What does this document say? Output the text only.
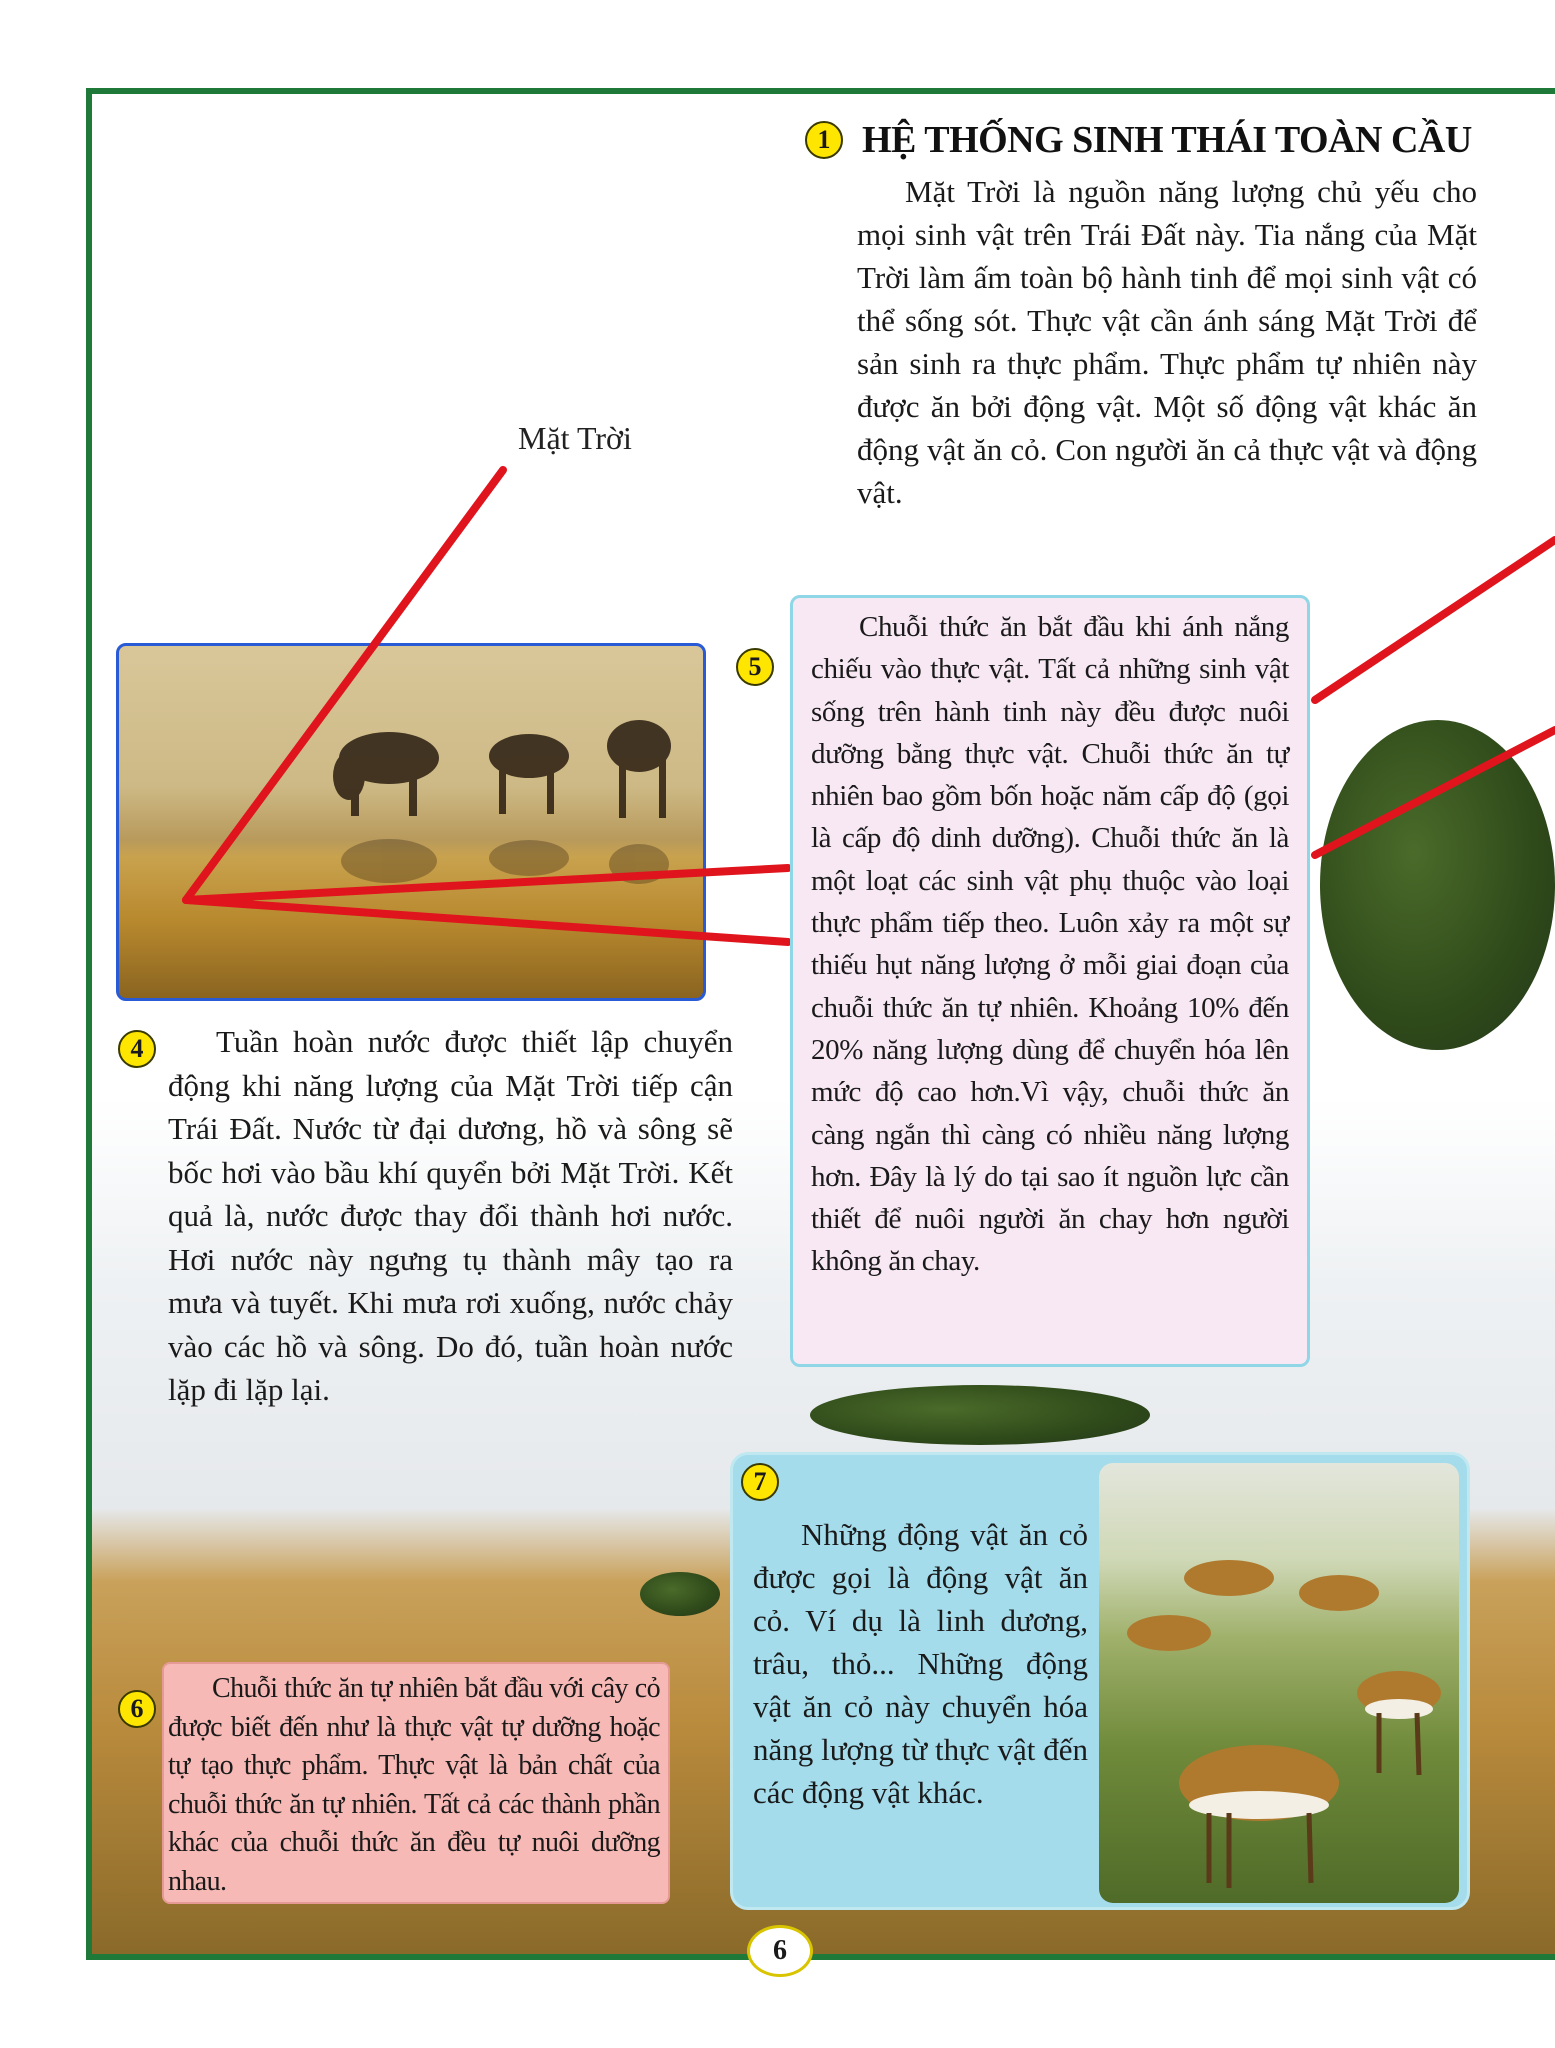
1 HỆ THỐNG SINH THÁI TOÀN CẦU

Mặt Trời là nguồn năng lượng chủ yếu cho mọi sinh vật trên Trái Đất này. Tia nắng của Mặt Trời làm ấm toàn bộ hành tinh để mọi sinh vật có thể sống sót. Thực vật cần ánh sáng Mặt Trời để sản sinh ra thực phẩm. Thực phẩm tự nhiên này được ăn bởi động vật. Một số động vật khác ăn động vật ăn cỏ. Con người ăn cả thực vật và động vật.

Mặt Trời
4	Tuần hoàn nước được thiết lập chuyển động khi năng lượng của Mặt Trời tiếp cận Trái Đất. Nước từ đại dương, hồ và sông sẽ bốc hơi vào bầu khí quyển bởi Mặt Trời. Kết quả là, nước được thay đổi thành hơi nước. Hơi nước này ngưng tụ thành mây tạo ra mưa và tuyết. Khi mưa rơi xuống, nước chảy vào các hồ và sông. Do đó, tuần hoàn nước lặp đi lặp lại.

5

Chuỗi thức ăn bắt đầu khi ánh nắng chiếu vào thực vật. Tất cả những sinh vật sống trên hành tinh này đều được nuôi dưỡng bằng thực vật. Chuỗi thức ăn tự nhiên bao gồm bốn hoặc năm cấp độ (gọi là cấp độ dinh dưỡng). Chuỗi thức ăn là một loạt các sinh vật phụ thuộc vào loại thực phẩm tiếp theo. Luôn xảy ra một sự thiếu hụt năng lượng ở mỗi giai đoạn của chuỗi thức ăn tự nhiên. Khoảng 10% đến 20% năng lượng dùng để chuyển hóa lên mức độ cao hơn.Vì vậy, chuỗi thức ăn càng ngắn thì càng có nhiều năng lượng hơn. Đây là lý do tại sao ít nguồn lực cần thiết để nuôi người ăn chay hơn người không ăn chay.

6

Chuỗi thức ăn tự nhiên bắt đầu với cây cỏ được biết đến như là thực vật tự dưỡng hoặc tự tạo thực phẩm. Thực vật là bản chất của chuỗi thức ăn tự nhiên. Tất cả các thành phần khác của chuỗi thức ăn đều tự nuôi dưỡng nhau.

7

Những động vật ăn cỏ được gọi là động vật ăn cỏ. Ví dụ là linh dương, trâu, thỏ... Những động vật ăn cỏ này chuyển hóa năng lượng từ thực vật đến các động vật khác.

6
